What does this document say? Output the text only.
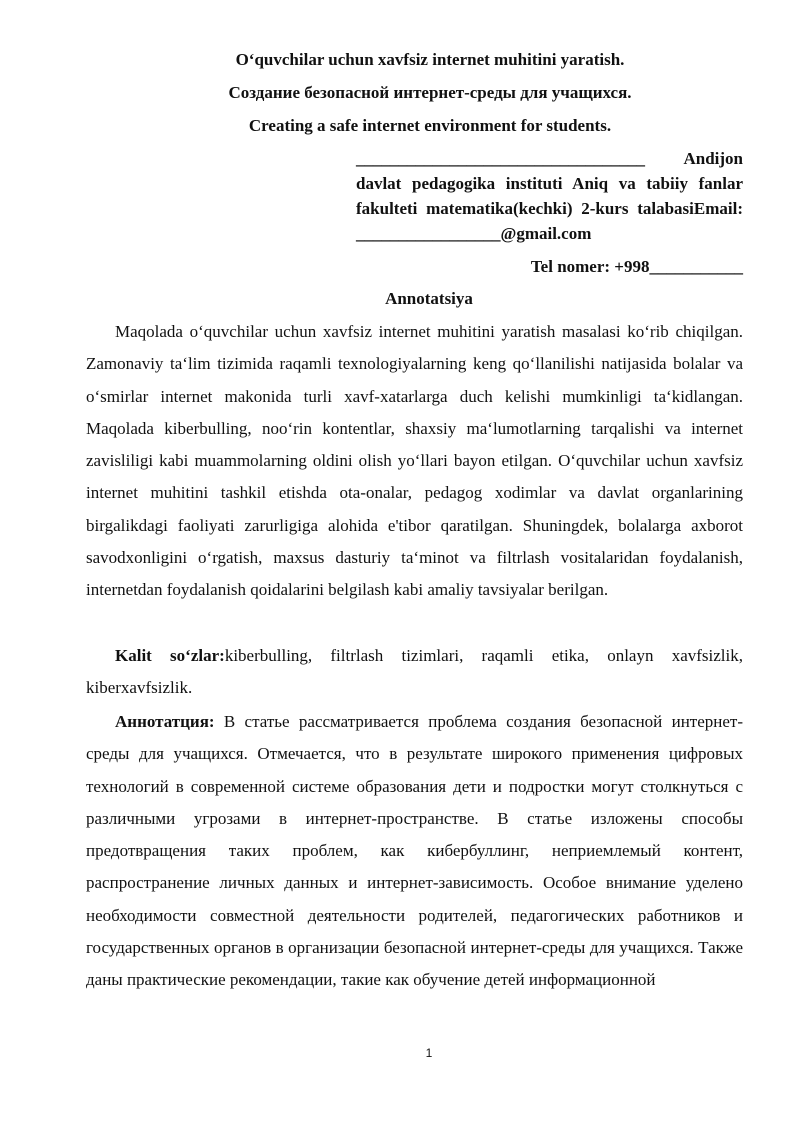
O‘quvchilar uchun xavfsiz internet muhitini yaratish.
Создание безопасной интернет-среды для учащихся.
Creating a safe internet environment for students.
__________________________________ Andijon davlat pedagogika instituti Aniq va tabiiy fanlar fakulteti matematika(kechki) 2-kurs talabasiEmail: _________________@gmail.com
Tel nomer: +998___________
Annotatsiya

Maqolada o‘quvchilar uchun xavfsiz internet muhitini yaratish masalasi ko‘rib chiqilgan. Zamonaviy ta‘lim tizimida raqamli texnologiyalarning keng qo‘llanilishi natijasida bolalar va o‘smirlar internet makonida turli xavf-xatarlarga duch kelishi mumkinligi ta‘kidlangan. Maqolada kiberbulling, noo‘rin kontentlar, shaxsiy ma‘lumotlarning tarqalishi va internet zavisliligi kabi muammolarning oldini olish yo‘llari bayon etilgan. O‘quvchilar uchun xavfsiz internet muhitini tashkil etishda ota-onalar, pedagog xodimlar va davlat organlarining birgalikdagi faoliyati zarurligiga alohida e'tibor qaratilgan. Shuningdek, bolalarga axborot savodxonligini o‘rgatish, maxsus dasturiy ta‘minot va filtrlash vositalaridan foydalanish, internetdan foydalanish qoidalarini belgilash kabi amaliy tavsiyalar berilgan.

Kalit so‘zlar:kiberbulling, filtrlash tizimlari, raqamli etika, onlayn xavfsizlik, kiberxavfsizlik.

Аннотатция: В статье рассматривается проблема создания безопасной интернет-среды для учащихся. Отмечается, что в результате широкого применения цифровых технологий в современной системе образования дети и подростки могут столкнуться с различными угрозами в интернет-пространстве. В статье изложены способы предотвращения таких проблем, как кибербуллинг, неприемлемый контент, распространение личных данных и интернет-зависимость. Особое внимание уделено необходимости совместной деятельности родителей, педагогических работников и государственных органов в организации безопасной интернет-среды для учащихся. Также даны практические рекомендации, такие как обучение детей информационной

1
